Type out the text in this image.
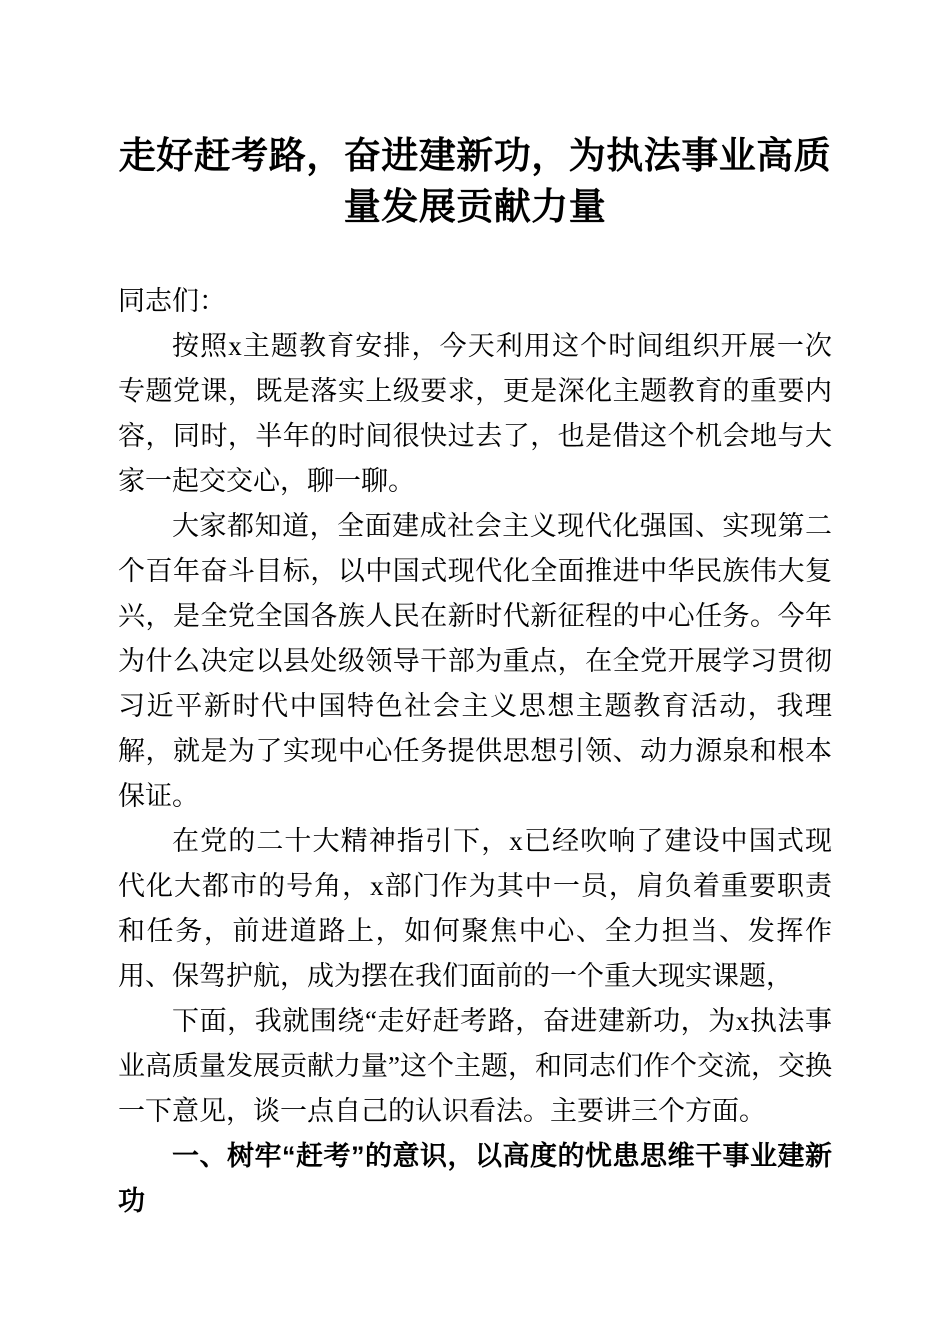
走好赶考路，奋进建新功，为执法事业高质量发展贡献力量

同志们：

按照x主题教育安排，今天利用这个时间组织开展一次专题党课，既是落实上级要求，更是深化主题教育的重要内容，同时，半年的时间很快过去了，也是借这个机会地与大家一起交交心，聊一聊。

大家都知道，全面建成社会主义现代化强国、实现第二个百年奋斗目标，以中国式现代化全面推进中华民族伟大复兴，是全党全国各族人民在新时代新征程的中心任务。今年为什么决定以县处级领导干部为重点，在全党开展学习贯彻习近平新时代中国特色社会主义思想主题教育活动，我理解，就是为了实现中心任务提供思想引领、动力源泉和根本保证。

在党的二十大精神指引下，x已经吹响了建设中国式现代化大都市的号角，x部门作为其中一员，肩负着重要职责和任务，前进道路上，如何聚焦中心、全力担当、发挥作用、保驾护航，成为摆在我们面前的一个重大现实课题，

下面，我就围绕“走好赶考路，奋进建新功，为x执法事业高质量发展贡献力量”这个主题，和同志们作个交流，交换一下意见，谈一点自己的认识看法。主要讲三个方面。

一、树牢“赶考”的意识，以高度的忧患思维干事业建新功
